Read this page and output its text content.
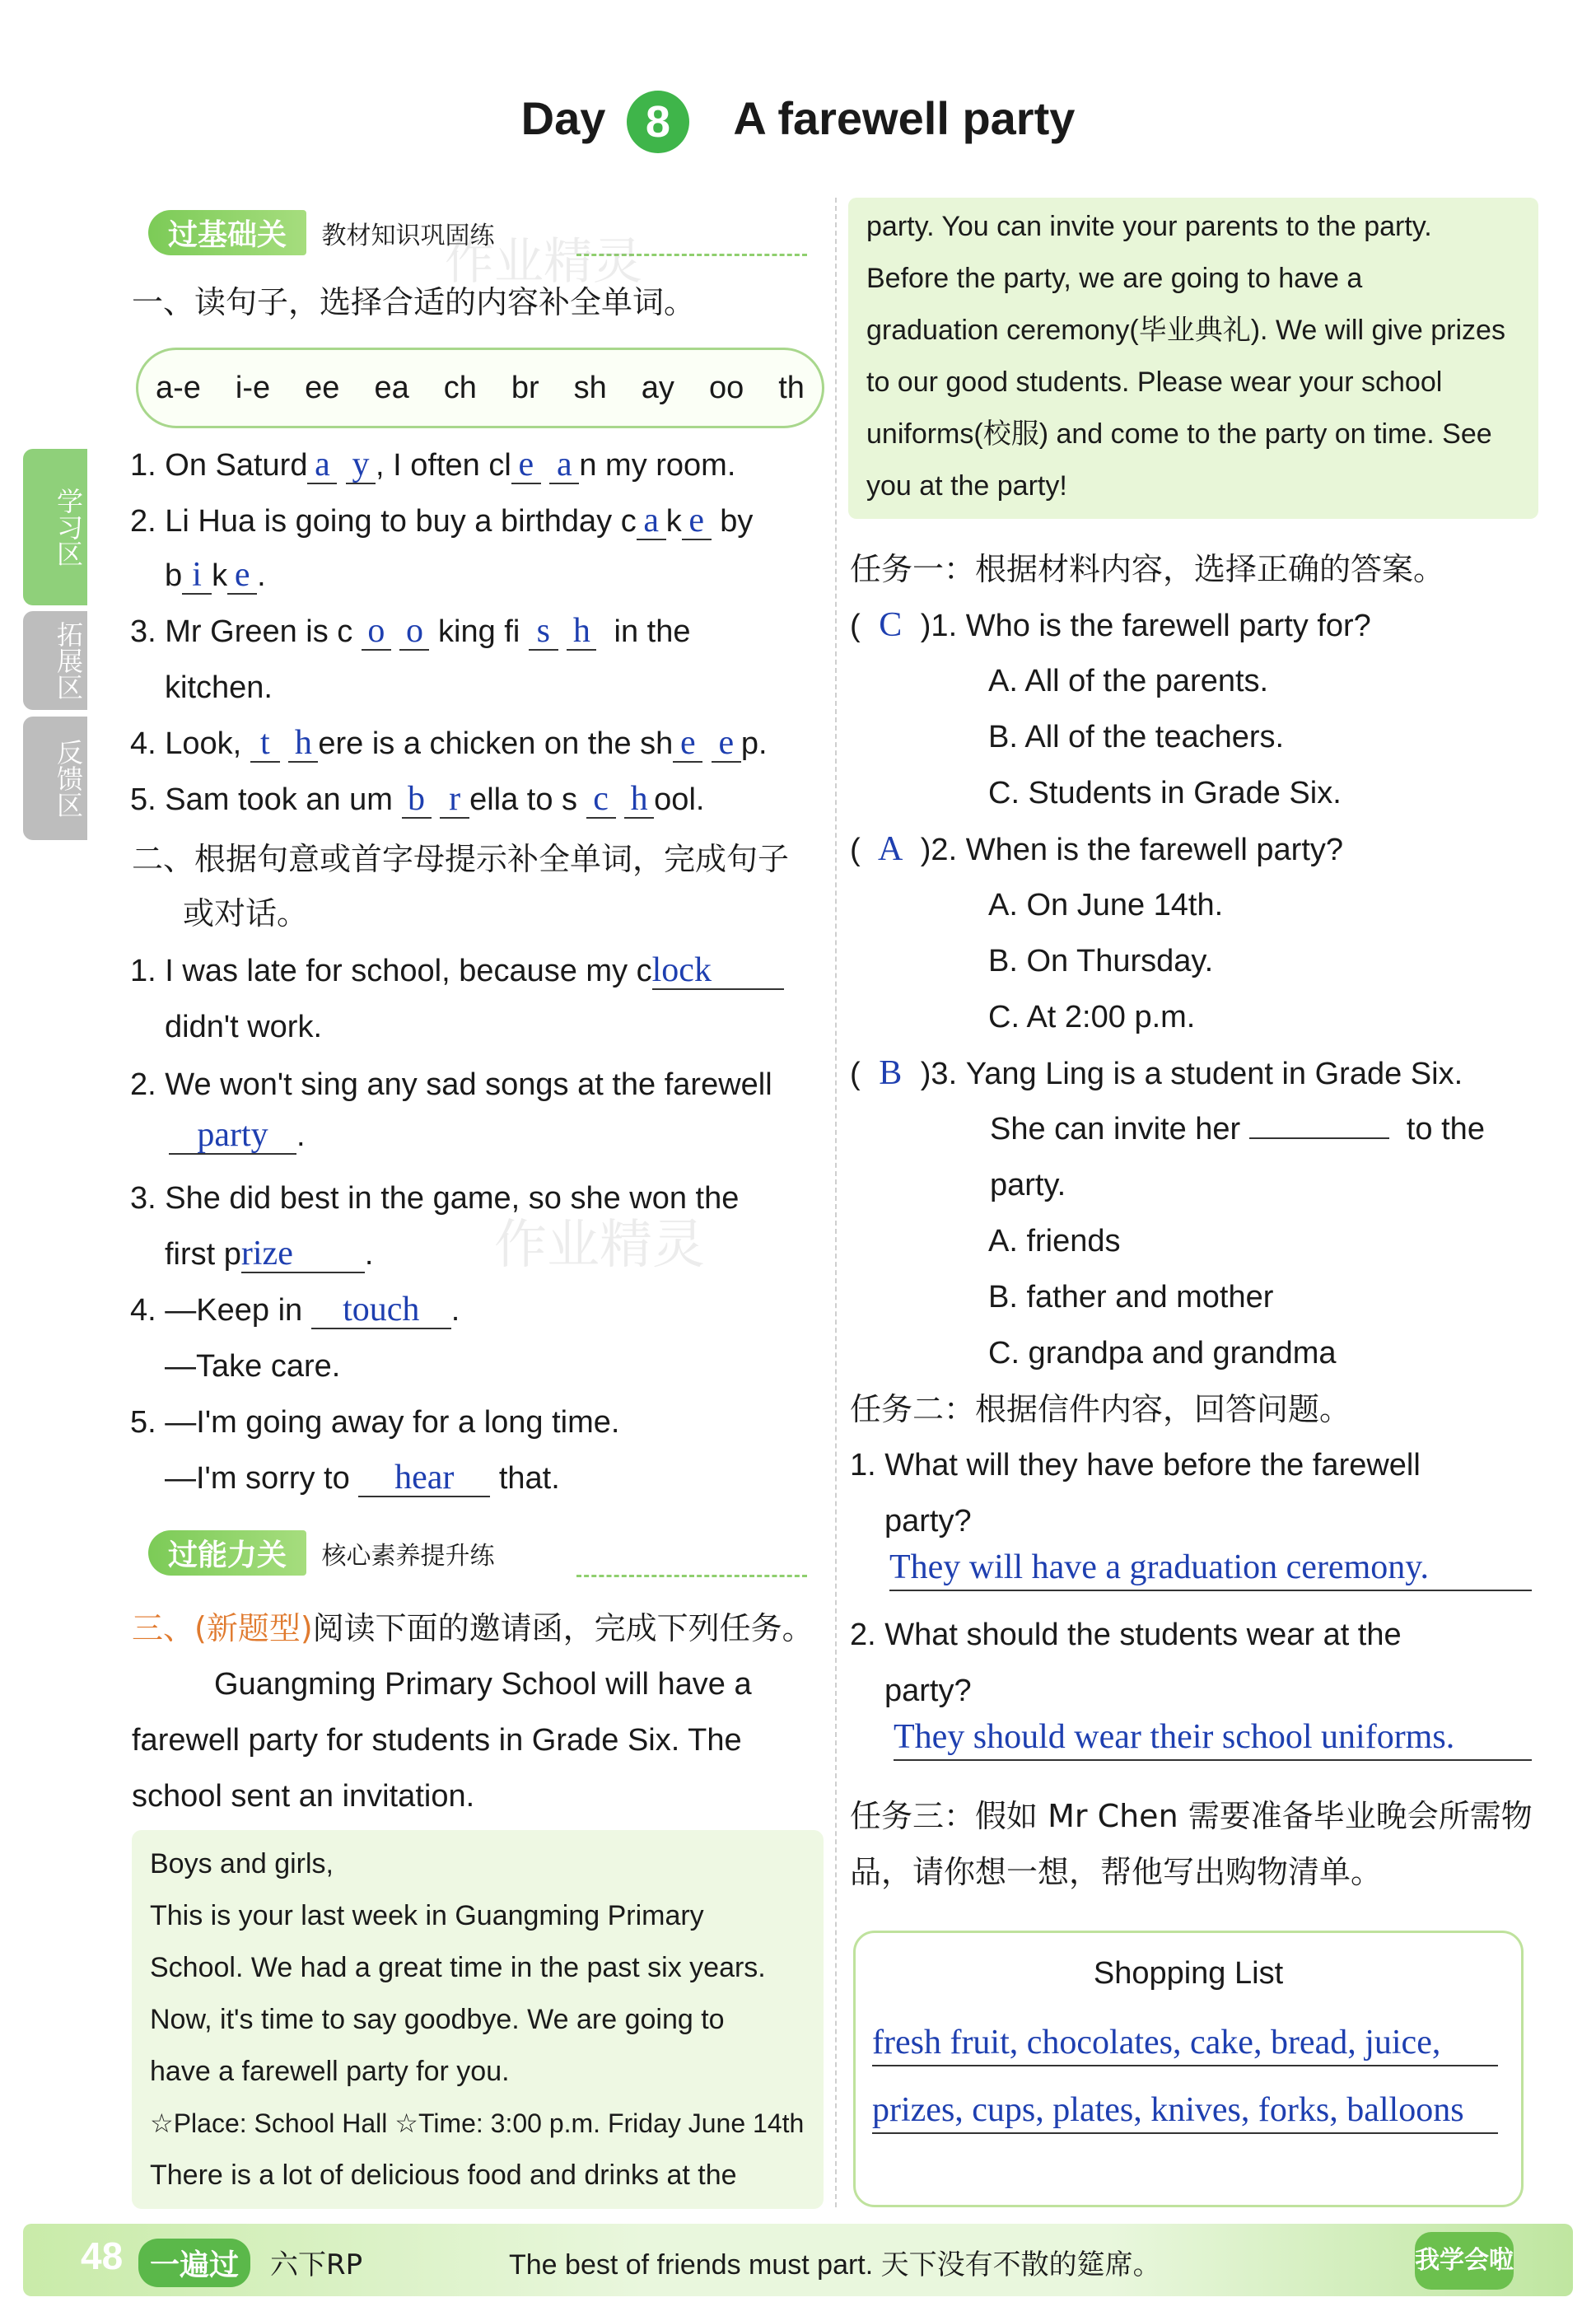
Day 8 A farewell party
学习区
拓展区
反馈区
过基础关 教材知识巩固练
一、读句子，选择合适的内容补全单词。
a-e i-e ee ea ch br sh ay oo th
1. On Saturd a y , I often cl e a n my room.
2. Li Hua is going to buy a birthday c a k e by
b i k e .
3. Mr Green is c o o king fi s h in the
kitchen.
4. Look, t h ere is a chicken on the sh e e p.
5. Sam took an um b r ella to s c h ool.
二、根据句意或首字母提示补全单词，完成句子
或对话。
1. I was late for school, because my clock
didn't work.
2. We won't sing any sad songs at the farewell
party .
3. She did best in the game, so she won the
first prize .
4. —Keep in touch .
—Take care.
5. —I'm going away for a long time.
—I'm sorry to hear that.
过能力关 核心素养提升练
三、(新题型)阅读下面的邀请函，完成下列任务。
Guangming Primary School will have a
farewell party for students in Grade Six. The
school sent an invitation.
Boys and girls,
This is your last week in Guangming Primary
School. We had a great time in the past six years.
Now, it's time to say goodbye. We are going to
have a farewell party for you.
☆Place: School Hall ☆Time: 3:00 p.m. Friday June 14th
There is a lot of delicious food and drinks at the
party. You can invite your parents to the party.
Before the party, we are going to have a
graduation ceremony(毕业典礼). We will give prizes
to our good students. Please wear your school
uniforms(校服) and come to the party on time. See
you at the party!
任务一：根据材料内容，选择正确的答案。
( C )1. Who is the farewell party for?
A. All of the parents.
B. All of the teachers.
C. Students in Grade Six.
( A )2. When is the farewell party?
A. On June 14th.
B. On Thursday.
C. At 2:00 p.m.
( B )3. Yang Ling is a student in Grade Six.
She can invite her	to the
party.
A. friends
B. father and mother
C. grandpa and grandma
任务二：根据信件内容，回答问题。
1. What will they have before the farewell
party?
They will have a graduation ceremony.
2. What should the students wear at the
party?
They should wear their school uniforms.
任务三：假如 Mr Chen 需要准备毕业晚会所需物
品，请你想一想，帮他写出购物清单。
Shopping List
fresh fruit, chocolates, cake, bread, juice,
prizes, cups, plates, knives, forks, balloons
48 一遍过	六下RP	The best of friends must part. 天下没有不散的筵席。	我学会啦
作业精灵
作业精灵
